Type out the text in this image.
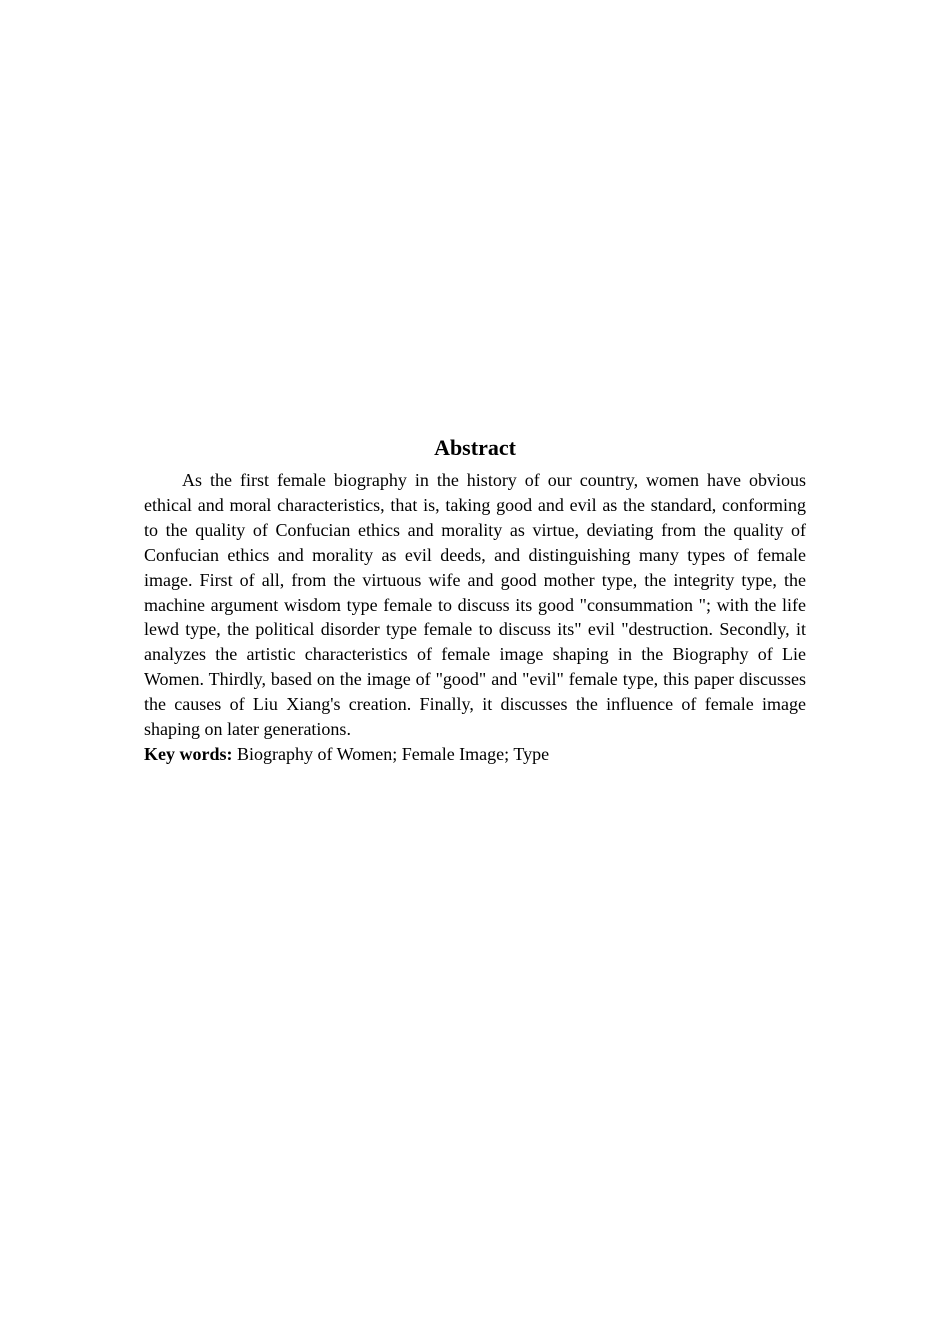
Abstract

As the first female biography in the history of our country, women have obvious ethical and moral characteristics, that is, taking good and evil as the standard, conforming to the quality of Confucian ethics and morality as virtue, deviating from the quality of Confucian ethics and morality as evil deeds, and distinguishing many types of female image. First of all, from the virtuous wife and good mother type, the integrity type, the machine argument wisdom type female to discuss its good "consummation "; with the life lewd type, the political disorder type female to discuss its" evil "destruction. Secondly, it analyzes the artistic characteristics of female image shaping in the Biography of Lie Women. Thirdly, based on the image of "good" and "evil" female type, this paper discusses the causes of Liu Xiang's creation. Finally, it discusses the influence of female image shaping on later generations.

Key words: Biography of Women; Female Image; Type
